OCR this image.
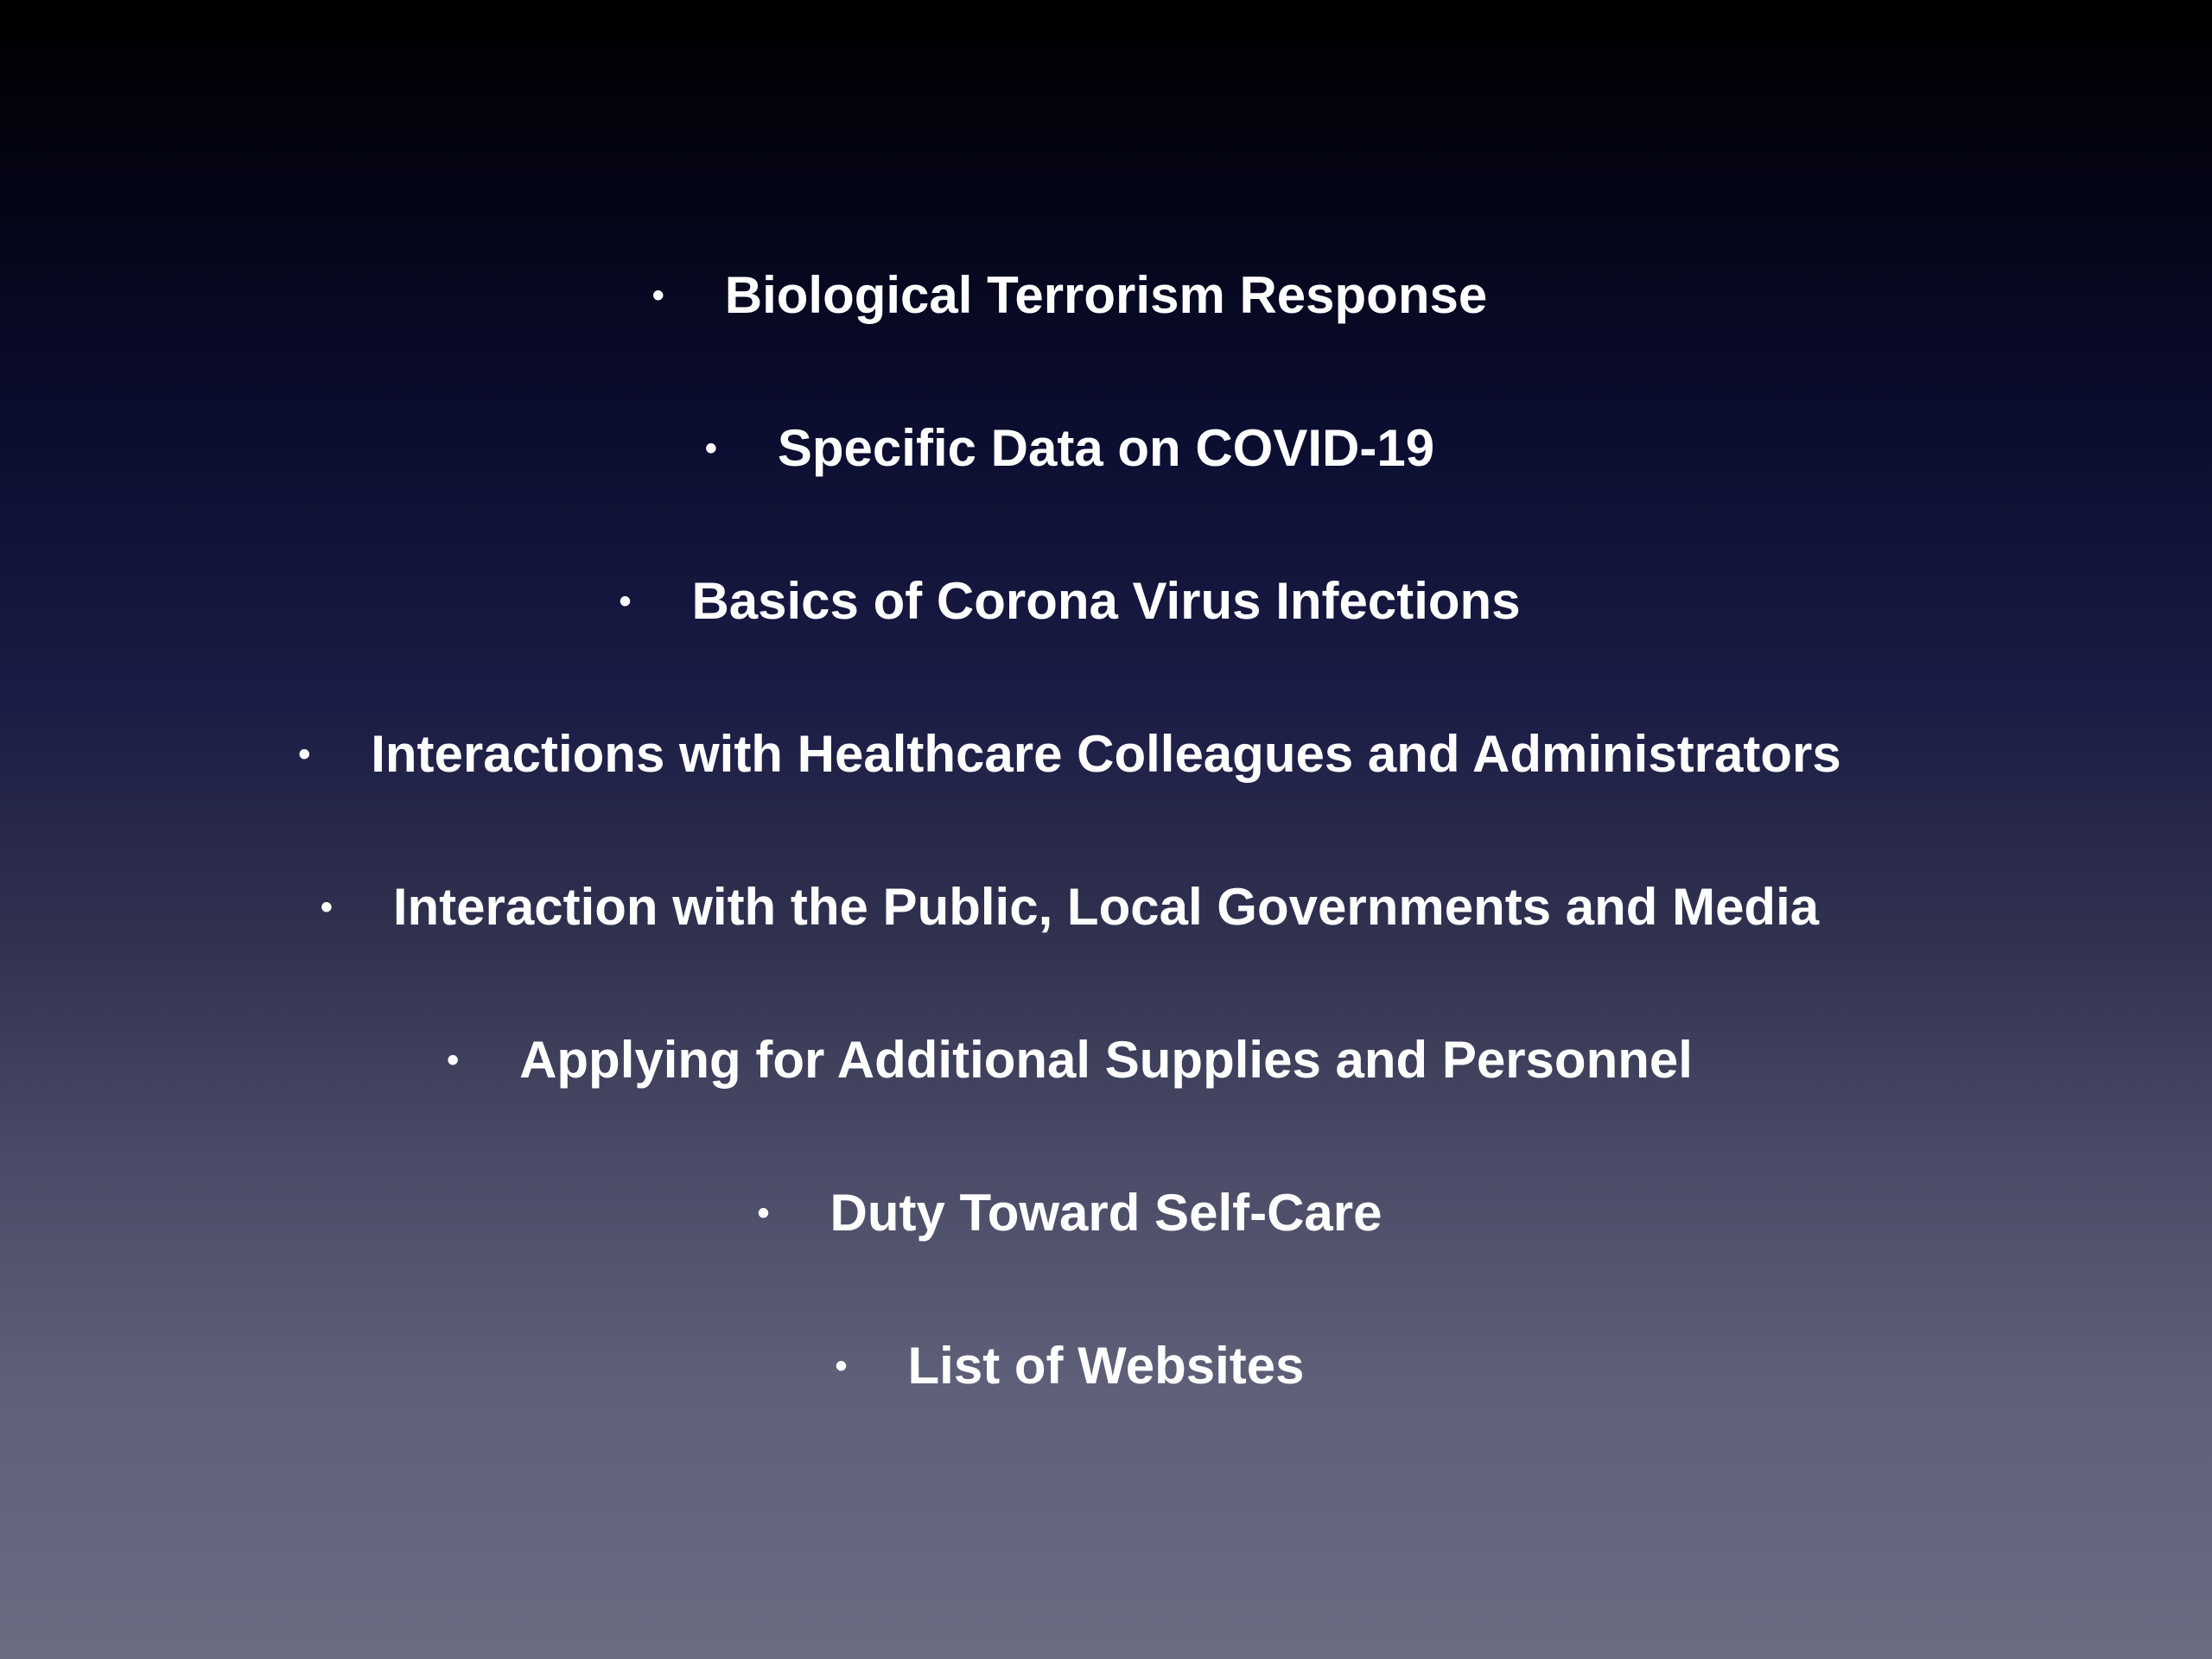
•	Biological Terrorism Response
•	Specific Data on COVID-19
•	Basics of Corona Virus Infections
•	Interactions with Healthcare Colleagues and Administrators
•	Interaction with the Public, Local Governments and Media
•	Applying for Additional Supplies and Personnel
•	Duty Toward Self-Care
•	List of Websites
